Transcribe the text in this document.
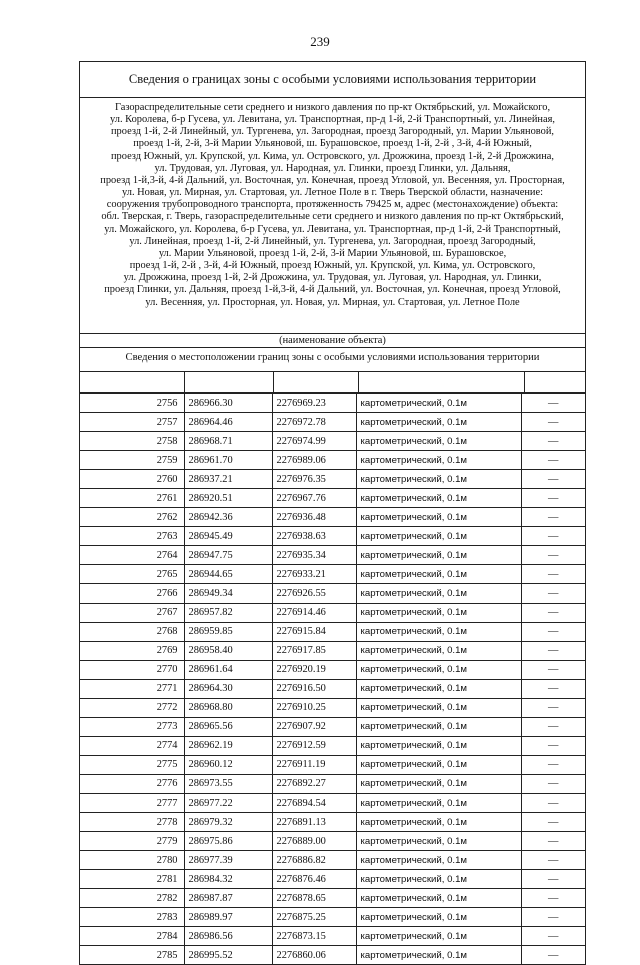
239
Сведения о границах зоны с особыми условиями использования территории
Газораспределительные сети среднего и низкого давления по пр-кт Октябрьский, ул. Можайского,
ул. Королева, б-р Гусева, ул. Левитана, ул. Транспортная, пр-д 1-й, 2-й Транспортный, ул. Линейная,
проезд 1-й, 2-й Линейный, ул. Тургенева, ул. Загородная, проезд Загородный, ул. Марии Ульяновой,
проезд 1-й, 2-й, 3-й Марии Ульяновой, ш. Бурашовское, проезд 1-й, 2-й , 3-й, 4-й Южный,
проезд Южный, ул. Крупской, ул. Кима, ул. Островского, ул. Дрожжина, проезд 1-й, 2-й Дрожжина,
ул. Трудовая, ул. Луговая, ул. Народная, ул. Глинки, проезд Глинки, ул. Дальняя,
проезд 1-й,3-й, 4-й Дальний, ул. Восточная, ул. Конечная, проезд Угловой, ул. Весенняя, ул. Просторная,
ул. Новая, ул. Мирная, ул. Стартовая, ул. Летное Поле в г. Тверь Тверской области, назначение:
сооружения трубопроводного транспорта, протяженность 79425 м, адрес (местонахождение) объекта:
обл. Тверская, г. Тверь, газораспределительные сети среднего и низкого давления по пр-кт Октябрьский,
ул. Можайского, ул. Королева, б-р Гусева, ул. Левитана, ул. Транспортная, пр-д 1-й, 2-й Транспортный,
ул. Линейная, проезд 1-й, 2-й Линейный, ул. Тургенева, ул. Загородная, проезд Загородный,
ул. Марии Ульяновой, проезд 1-й, 2-й, 3-й Марии Ульяновой, ш. Бурашовское,
проезд 1-й, 2-й , 3-й, 4-й Южный, проезд Южный, ул. Крупской, ул. Кима, ул. Островского,
ул. Дрожжина, проезд 1-й, 2-й Дрожжина, ул. Трудовая, ул. Луговая, ул. Народная, ул. Глинки,
проезд Глинки, ул. Дальняя, проезд 1-й,3-й, 4-й Дальний, ул. Восточная, ул. Конечная, проезд Угловой,
ул. Весенняя, ул. Просторная, ул. Новая, ул. Мирная, ул. Стартовая, ул. Летное Поле
(наименование объекта)
Сведения о местоположении границ зоны с особыми условиями использования территории
2756	286966.30	2276969.23	картометрический, 0.1м	—
2757	286964.46	2276972.78	картометрический, 0.1м	—
2758	286968.71	2276974.99	картометрический, 0.1м	—
2759	286961.70	2276989.06	картометрический, 0.1м	—
2760	286937.21	2276976.35	картометрический, 0.1м	—
2761	286920.51	2276967.76	картометрический, 0.1м	—
2762	286942.36	2276936.48	картометрический, 0.1м	—
2763	286945.49	2276938.63	картометрический, 0.1м	—
2764	286947.75	2276935.34	картометрический, 0.1м	—
2765	286944.65	2276933.21	картометрический, 0.1м	—
2766	286949.34	2276926.55	картометрический, 0.1м	—
2767	286957.82	2276914.46	картометрический, 0.1м	—
2768	286959.85	2276915.84	картометрический, 0.1м	—
2769	286958.40	2276917.85	картометрический, 0.1м	—
2770	286961.64	2276920.19	картометрический, 0.1м	—
2771	286964.30	2276916.50	картометрический, 0.1м	—
2772	286968.80	2276910.25	картометрический, 0.1м	—
2773	286965.56	2276907.92	картометрический, 0.1м	—
2774	286962.19	2276912.59	картометрический, 0.1м	—
2775	286960.12	2276911.19	картометрический, 0.1м	—
2776	286973.55	2276892.27	картометрический, 0.1м	—
2777	286977.22	2276894.54	картометрический, 0.1м	—
2778	286979.32	2276891.13	картометрический, 0.1м	—
2779	286975.86	2276889.00	картометрический, 0.1м	—
2780	286977.39	2276886.82	картометрический, 0.1м	—
2781	286984.32	2276876.46	картометрический, 0.1м	—
2782	286987.87	2276878.65	картометрический, 0.1м	—
2783	286989.97	2276875.25	картометрический, 0.1м	—
2784	286986.56	2276873.15	картометрический, 0.1м	—
2785	286995.52	2276860.06	картометрический, 0.1м	—
